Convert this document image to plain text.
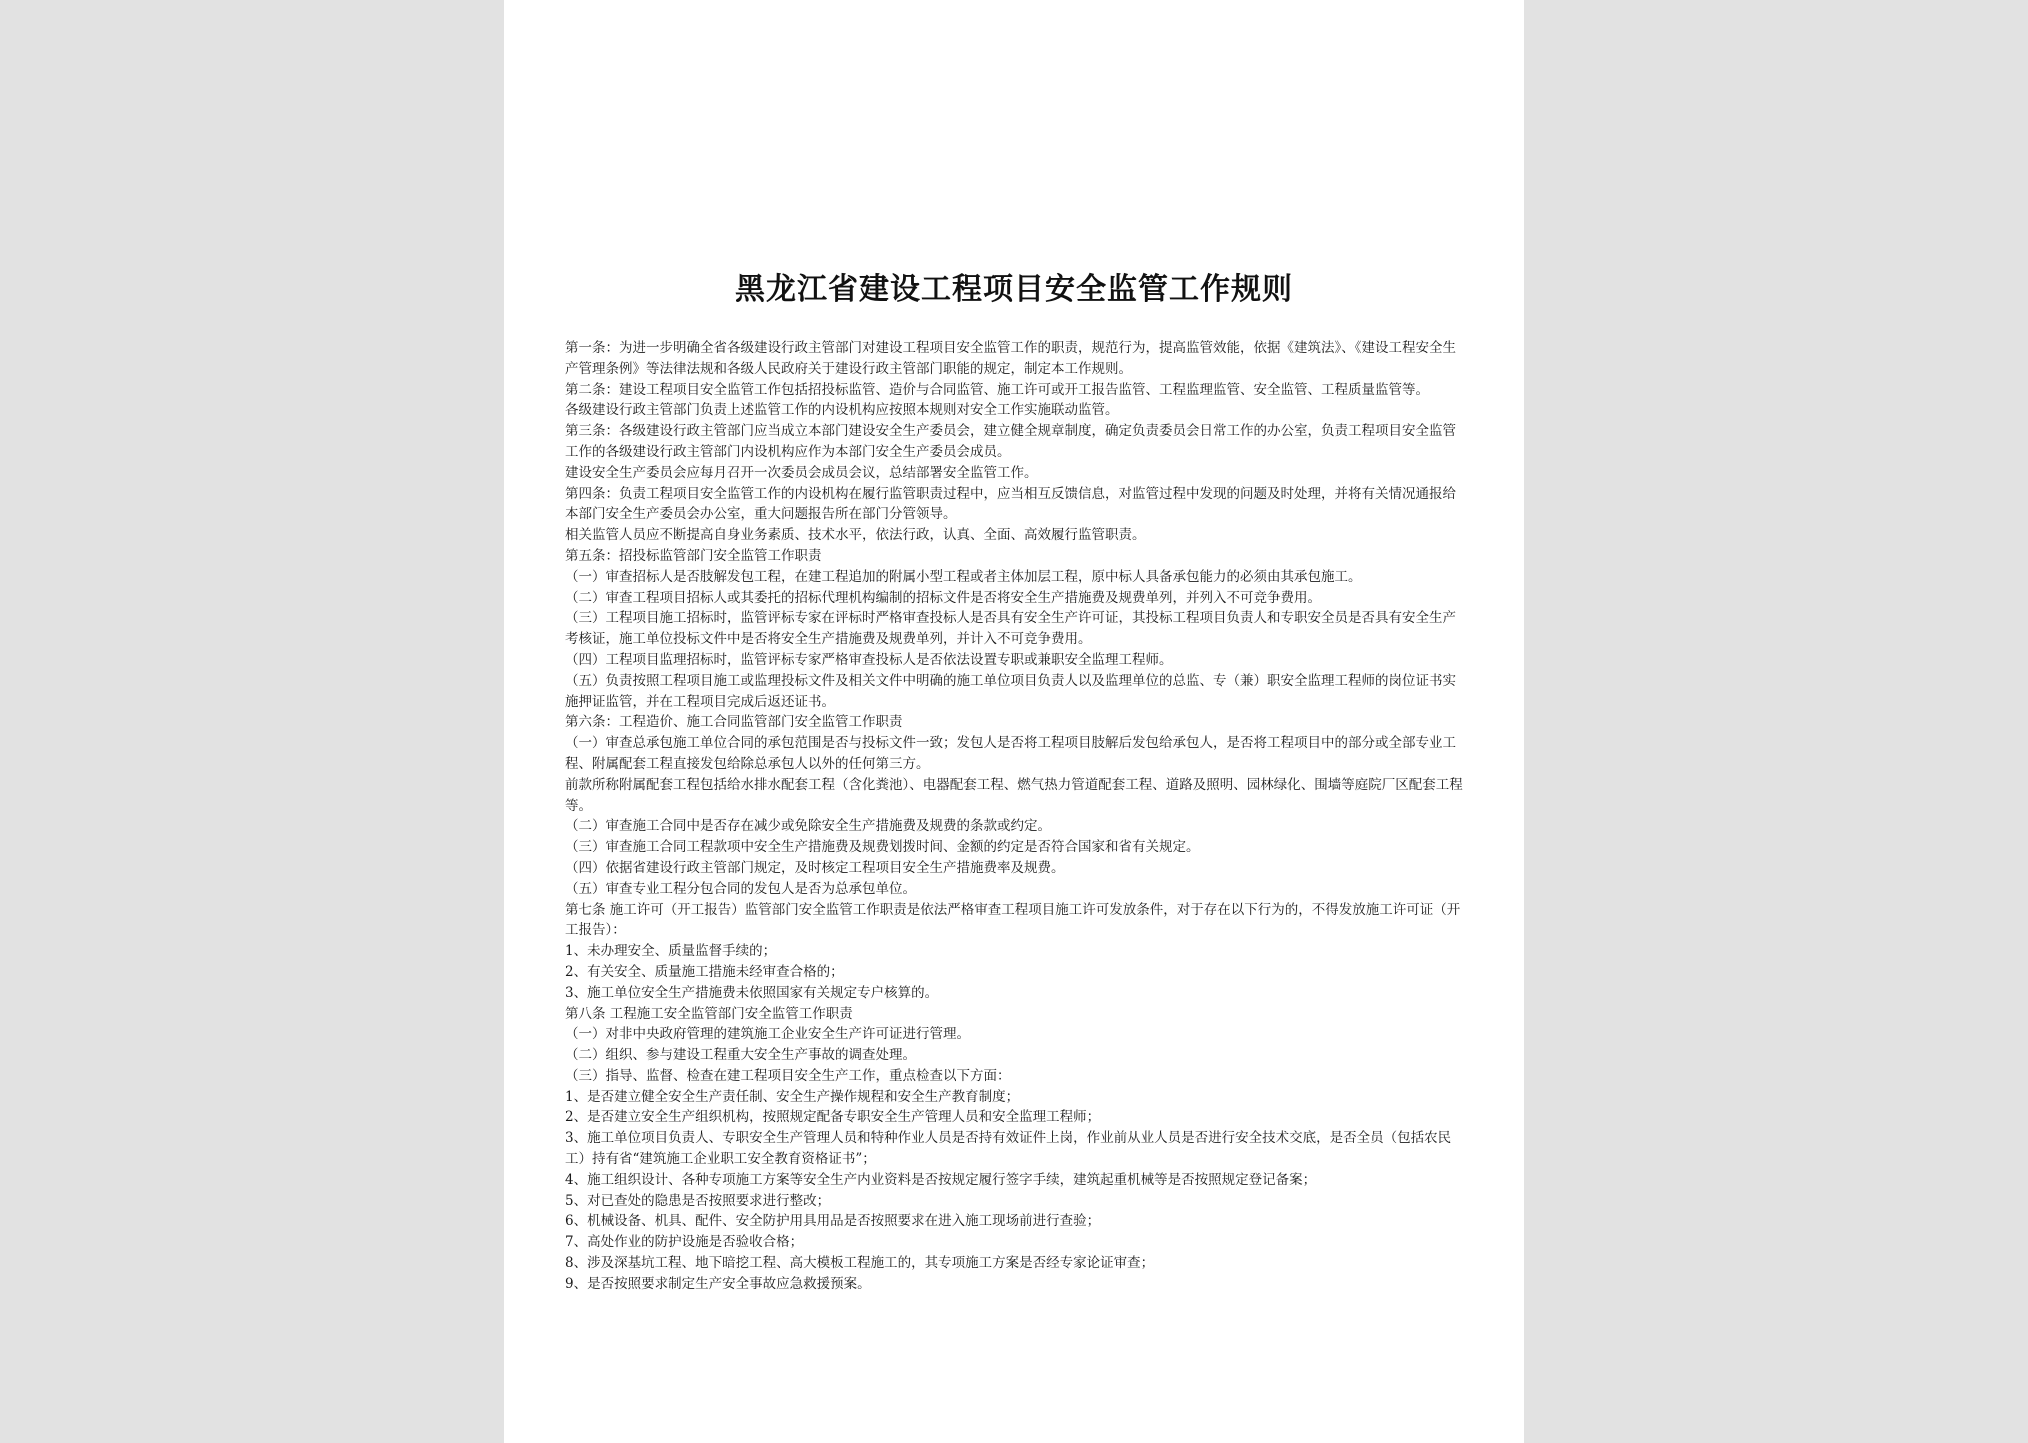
黑龙江省建设工程项目安全监管工作规则

第一条：为进一步明确全省各级建设行政主管部门对建设工程项目安全监管工作的职责，规范行为，提高监管效能，依据《建筑法》、《建设工程安全生产管理条例》等法律法规和各级人民政府关于建设行政主管部门职能的规定，制定本工作规则。

第二条：建设工程项目安全监管工作包括招投标监管、造价与合同监管、施工许可或开工报告监管、工程监理监管、安全监管、工程质量监管等。

各级建设行政主管部门负责上述监管工作的内设机构应按照本规则对安全工作实施联动监管。

第三条：各级建设行政主管部门应当成立本部门建设安全生产委员会，建立健全规章制度，确定负责委员会日常工作的办公室，负责工程项目安全监管工作的各级建设行政主管部门内设机构应作为本部门安全生产委员会成员。

建设安全生产委员会应每月召开一次委员会成员会议，总结部署安全监管工作。

第四条：负责工程项目安全监管工作的内设机构在履行监管职责过程中，应当相互反馈信息，对监管过程中发现的问题及时处理，并将有关情况通报给本部门安全生产委员会办公室，重大问题报告所在部门分管领导。

相关监管人员应不断提高自身业务素质、技术水平，依法行政，认真、全面、高效履行监管职责。

第五条：招投标监管部门安全监管工作职责

（一）审查招标人是否肢解发包工程，在建工程追加的附属小型工程或者主体加层工程，原中标人具备承包能力的必须由其承包施工。

（二）审查工程项目招标人或其委托的招标代理机构编制的招标文件是否将安全生产措施费及规费单列，并列入不可竞争费用。

（三）工程项目施工招标时，监管评标专家在评标时严格审查投标人是否具有安全生产许可证，其投标工程项目负责人和专职安全员是否具有安全生产考核证，施工单位投标文件中是否将安全生产措施费及规费单列，并计入不可竞争费用。

（四）工程项目监理招标时，监管评标专家严格审查投标人是否依法设置专职或兼职安全监理工程师。

（五）负责按照工程项目施工或监理投标文件及相关文件中明确的施工单位项目负责人以及监理单位的总监、专（兼）职安全监理工程师的岗位证书实施押证监管，并在工程项目完成后返还证书。

第六条：工程造价、施工合同监管部门安全监管工作职责

（一）审查总承包施工单位合同的承包范围是否与投标文件一致；发包人是否将工程项目肢解后发包给承包人，是否将工程项目中的部分或全部专业工程、附属配套工程直接发包给除总承包人以外的任何第三方。

前款所称附属配套工程包括给水排水配套工程（含化粪池）、电器配套工程、燃气热力管道配套工程、道路及照明、园林绿化、围墙等庭院厂区配套工程等。

（二）审查施工合同中是否存在减少或免除安全生产措施费及规费的条款或约定。

（三）审查施工合同工程款项中安全生产措施费及规费划拨时间、金额的约定是否符合国家和省有关规定。

（四）依据省建设行政主管部门规定，及时核定工程项目安全生产措施费率及规费。

（五）审查专业工程分包合同的发包人是否为总承包单位。

第七条 施工许可（开工报告）监管部门安全监管工作职责是依法严格审查工程项目施工许可发放条件，对于存在以下行为的，不得发放施工许可证（开工报告）：

1、未办理安全、质量监督手续的；

2、有关安全、质量施工措施未经审查合格的；

3、施工单位安全生产措施费未依照国家有关规定专户核算的。

第八条 工程施工安全监管部门安全监管工作职责

（一）对非中央政府管理的建筑施工企业安全生产许可证进行管理。

（二）组织、参与建设工程重大安全生产事故的调查处理。

（三）指导、监督、检查在建工程项目安全生产工作，重点检查以下方面：

1、是否建立健全安全生产责任制、安全生产操作规程和安全生产教育制度；

2、是否建立安全生产组织机构，按照规定配备专职安全生产管理人员和安全监理工程师；

3、施工单位项目负责人、专职安全生产管理人员和特种作业人员是否持有效证件上岗，作业前从业人员是否进行安全技术交底，是否全员（包括农民工）持有省“建筑施工企业职工安全教育资格证书”；

4、施工组织设计、各种专项施工方案等安全生产内业资料是否按规定履行签字手续，建筑起重机械等是否按照规定登记备案；

5、对已查处的隐患是否按照要求进行整改；

6、机械设备、机具、配件、安全防护用具用品是否按照要求在进入施工现场前进行查验；

7、高处作业的防护设施是否验收合格；

8、涉及深基坑工程、地下暗挖工程、高大模板工程施工的，其专项施工方案是否经专家论证审查；

9、是否按照要求制定生产安全事故应急救援预案。
